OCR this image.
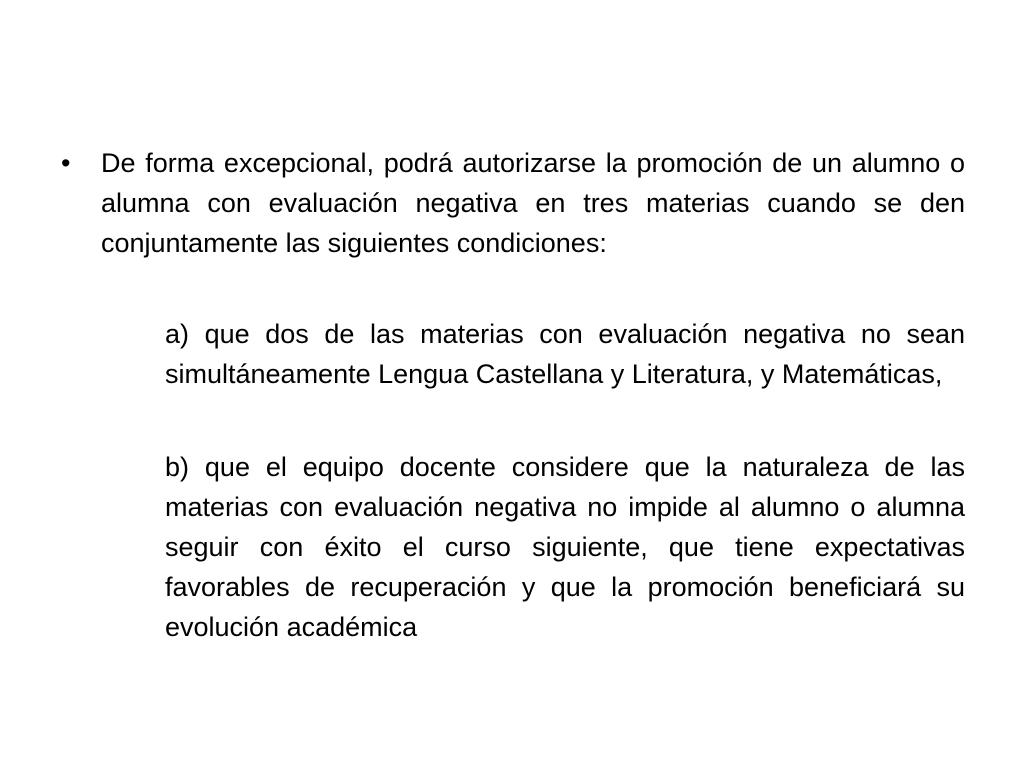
•	De forma excepcional, podrá autorizarse la promoción de un alumno o alumna con evaluación negativa en tres materias cuando se den conjuntamente las siguientes condiciones:
a) que dos de las materias con evaluación negativa no sean simultáneamente Lengua Castellana y Literatura, y Matemáticas,
b) que el equipo docente considere que la naturaleza de las materias con evaluación negativa no impide al alumno o alumna seguir con éxito el curso siguiente, que tiene expectativas favorables de recuperación y que la promoción beneficiará su evolución académica
